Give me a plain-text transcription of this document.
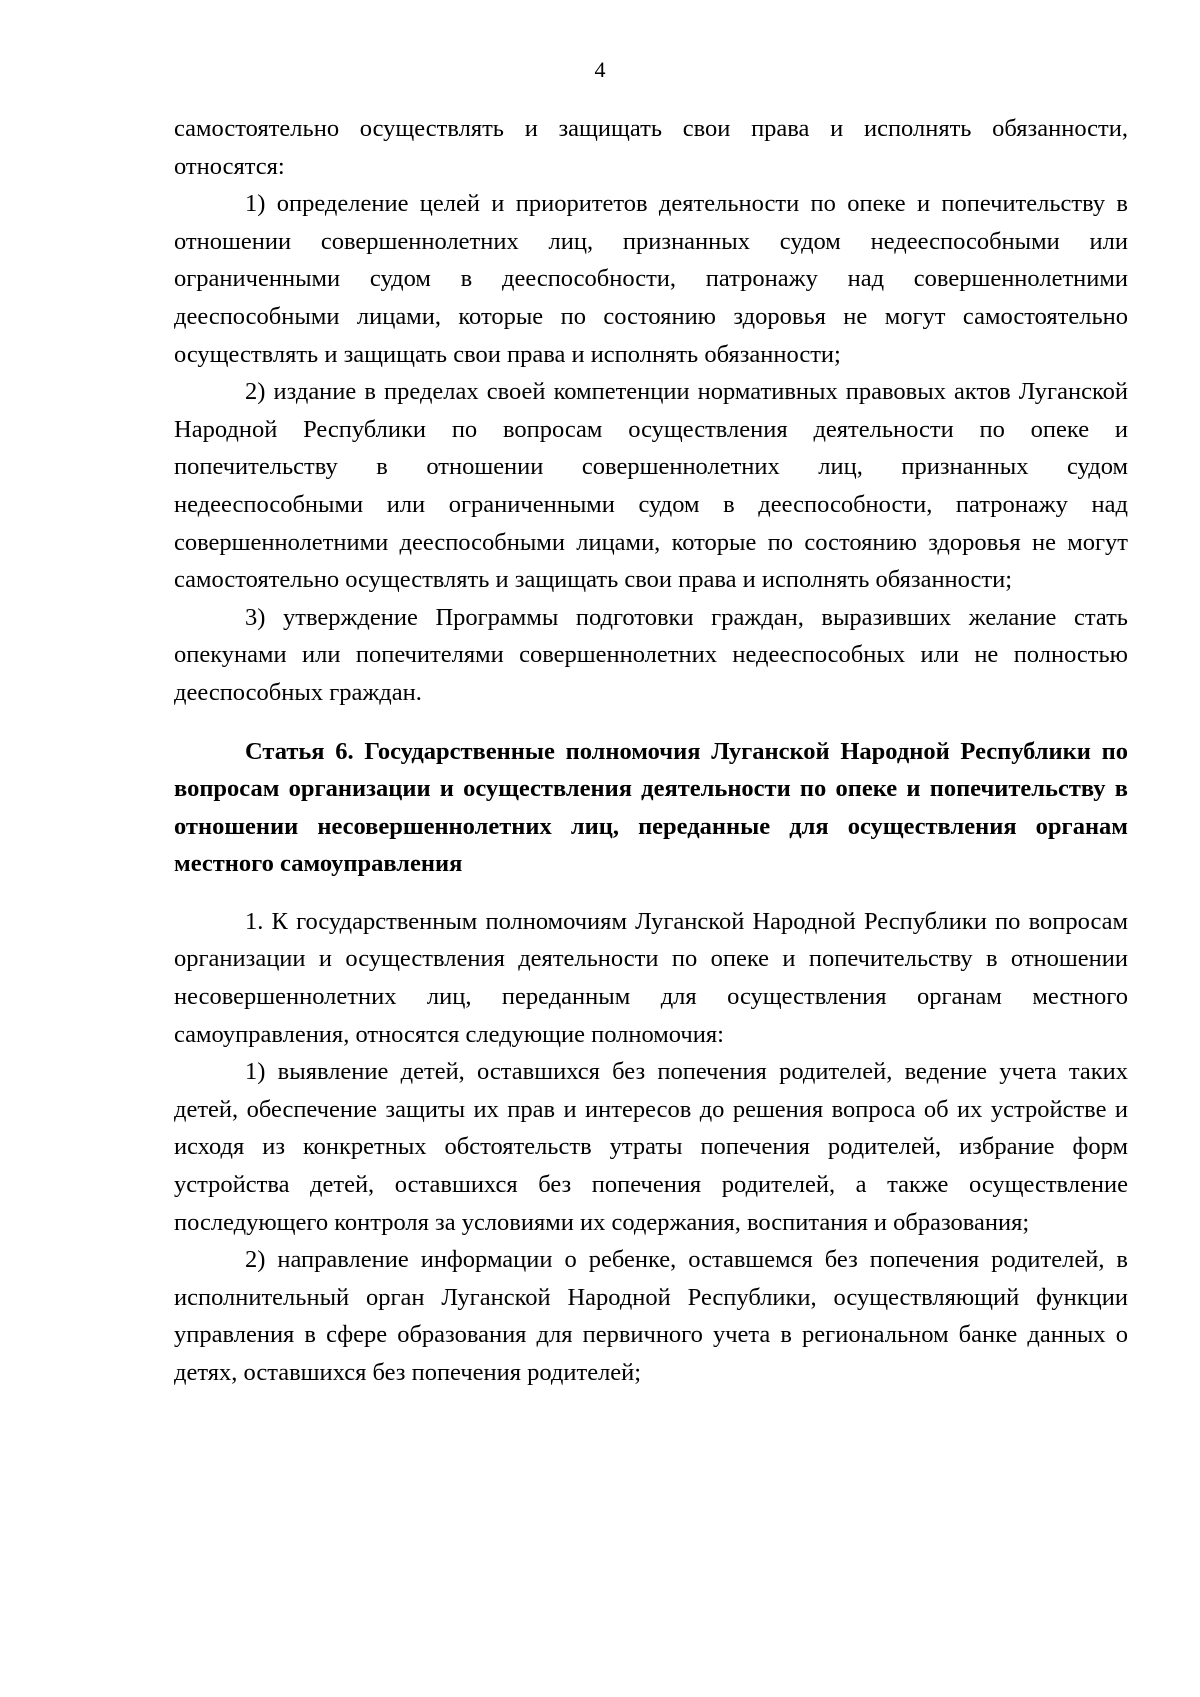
4

самостоятельно осуществлять и защищать свои права и исполнять обязанности, относятся:

1) определение целей и приоритетов деятельности по опеке и попечительству в отношении совершеннолетних лиц, признанных судом недееспособными или ограниченными судом в дееспособности, патронажу над совершеннолетними дееспособными лицами, которые по состоянию здоровья не могут самостоятельно осуществлять и защищать свои права и исполнять обязанности;

2) издание в пределах своей компетенции нормативных правовых актов Луганской Народной Республики по вопросам осуществления деятельности по опеке и попечительству в отношении совершеннолетних лиц, признанных судом недееспособными или ограниченными судом в дееспособности, патронажу над совершеннолетними дееспособными лицами, которые по состоянию здоровья не могут самостоятельно осуществлять и защищать свои права и исполнять обязанности;

3) утверждение Программы подготовки граждан, выразивших желание стать опекунами или попечителями совершеннолетних недееспособных или не полностью дееспособных граждан.

Статья 6. Государственные полномочия Луганской Народной Республики по вопросам организации и осуществления деятельности по опеке и попечительству в отношении несовершеннолетних лиц, переданные для осуществления органам местного самоуправления

1. К государственным полномочиям Луганской Народной Республики по вопросам организации и осуществления деятельности по опеке и попечительству в отношении несовершеннолетних лиц, переданным для осуществления органам местного самоуправления, относятся следующие полномочия:

1) выявление детей, оставшихся без попечения родителей, ведение учета таких детей, обеспечение защиты их прав и интересов до решения вопроса об их устройстве и исходя из конкретных обстоятельств утраты попечения родителей, избрание форм устройства детей, оставшихся без попечения родителей, а также осуществление последующего контроля за условиями их содержания, воспитания и образования;

2) направление информации о ребенке, оставшемся без попечения родителей, в исполнительный орган Луганской Народной Республики, осуществляющий функции управления в сфере образования для первичного учета в региональном банке данных о детях, оставшихся без попечения родителей;
